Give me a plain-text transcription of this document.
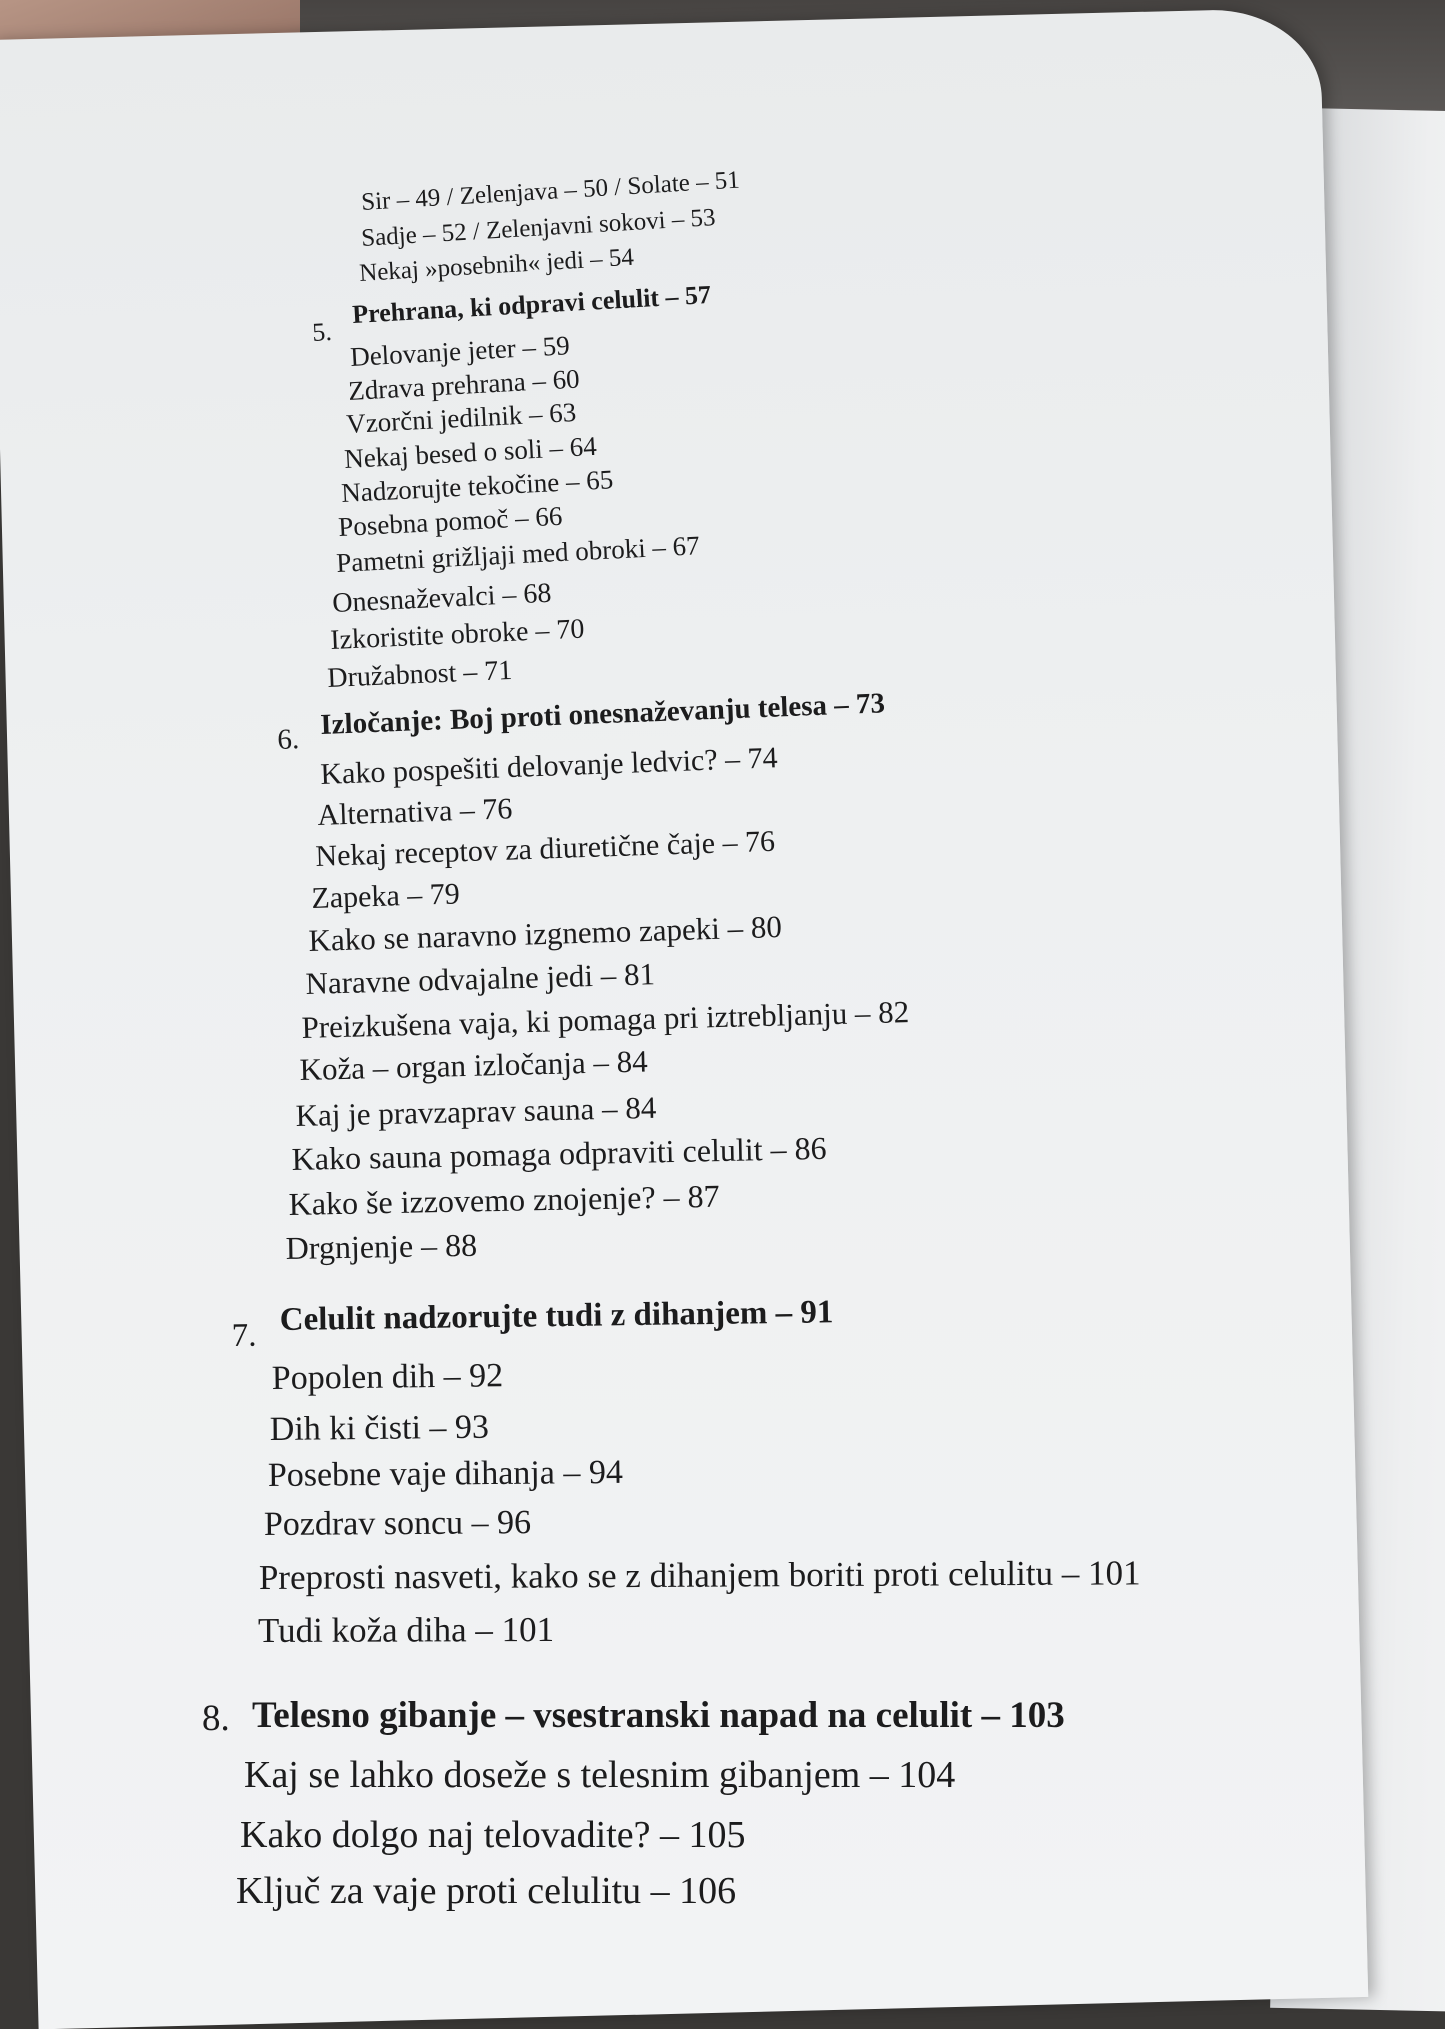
Sir – 49 / Zelenjava – 50 / Solate – 51
Sadje – 52 / Zelenjavni sokovi – 53
Nekaj »posebnih« jedi – 54
5.
Prehrana, ki odpravi celulit – 57
Delovanje jeter – 59
Zdrava prehrana – 60
Vzorčni jedilnik – 63
Nekaj besed o soli – 64
Nadzorujte tekočine – 65
Posebna pomoč – 66
Pametni grižljaji med obroki – 67
Onesnaževalci – 68
Izkoristite obroke – 70
Družabnost – 71
6. Izločanje: Boj proti onesnaževanju telesa – 73
Kako pospešiti delovanje ledvic? – 74
Alternativa – 76
Nekaj receptov za diuretične čaje – 76
Zapeka – 79
Kako se naravno izgnemo zapeki – 80
Naravne odvajalne jedi – 81
Preizkušena vaja, ki pomaga pri iztrebljanju – 82
Koža – organ izločanja – 84
Kaj je pravzaprav sauna – 84
Kako sauna pomaga odpraviti celulit – 86
Kako še izzovemo znojenje? – 87
Drgnjenje – 88
7. Celulit nadzorujte tudi z dihanjem – 91
Popolen dih – 92
Dih ki čisti – 93
Posebne vaje dihanja – 94
Pozdrav soncu – 96
Preprosti nasveti, kako se z dihanjem boriti proti celulitu – 101
Tudi koža diha – 101
8. Telesno gibanje – vsestranski napad na celulit – 103
Kaj se lahko doseže s telesnim gibanjem – 104
Kako dolgo naj telovadite? – 105
Ključ za vaje proti celulitu – 106
